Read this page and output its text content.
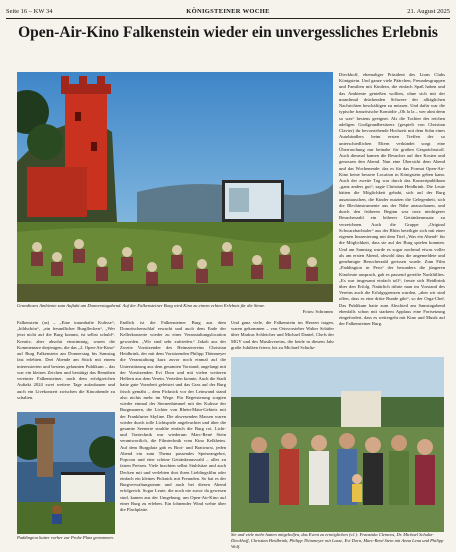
Seite 16 – KW 34	KÖNIGSTEINER WOCHE	21. August 2025
Open-Air-Kino Falkenstein wieder ein unvergessliches Erlebnis
Grandioses Ambiente zum Auftakt am Donnerstagabend. Auf der Falkensteiner Burg wird Kino zu einem echten Erlebnis für die Sinne.
Fotos: Schramm

Dieckhoff, ehemaliger Präsident des Lions Clubs Königstein. Und ganze viele Päärchen, Freundesgruppen und Familien mit Kindern, die einfach Spaß haben und das Ambiente genießen wollten, ohne sich mit der manchmal drückenden Schwere der alltäglichen Nachrichten beschäftigen zu müssen. Und dafür war die typische französische Komödie „Oh la la – wer ahnt denn so was“ bestens geeignet. Als die Tochter des reichen adeligen Großgrundbesitzers (gespielt von Christian Clavier) ihr bevorstehende Hochzeit mit dem Sohn eines Autohändlers beim ersten Treffen der so unterschiedlichen Eltern verkündet sorgt eine Überraschung nur beinahe für großen Gesprächsstoff. Auch diesmal kamen die Besucher auf ihre Kosten und genossen den Abend. Nun eine Übersicht dem Abend und das Wochenende: das es für das Format Open-Air-Kino keine bessere Location in Königstein geben kann. Auch der zweite Tag war durch das Konzertpublikum „ganz anders gut“, sagte Christian Heidbrink. Die Leute hätten die Möglichkeit gehabt, sich auf der Burg auszutauschen, die Kinder nutzten die Gelegenheit, sich die Blechinstrumente aus der Nähe anzuschauen, und durch den früheren Beginn war trotz niedrigerer Besucherzahl ein höherer Getränkeumsatz zu verzeichnen. Auch die Gruppe „Original Schwarzbachtaler“ aus der Rhön beteiligte sich mit einer eigenen Inszenierung mit dem Titel „Was ein Abend“ für die Möglichkeit, dass sie auf der Burg spielen konnten. Und am Samstag wurde es sogar nochmal etwas voller als am ersten Abend, obwohl dass die angemeldete und genehmigte Besucherzahl gerissen wurde. Zum Film „Paddington in Peru“ der besonders die jüngeren Kinoleute ansprach, gab es passend gereifte Nachfülltes. „Es war insgesamt einfach toll“, freute sich Heidbrink über den Erfolg. Natürlich rührte man im Vorstand des Vereins auch die Erfolgsgrenzen wurden, „aber wir sind offen, dass es eine dritte Runde gibt“, so der Orga-Chef. Das Publikum hatte zum Abschied am Samstagabend ebenfalls schon mit starkem Applaus eine Fortsetzung eingefordert, dass es weitergeht mit Kino und Musik auf der Falkensteiner Burg.

Falkenstein (as) – „Eine traumhafte Kulisse“, „bildschön“, „ein freundlicher Burgflecken“, „Wer jetzt nicht auf die Burg kommt, ist selbst schuld“. Kreativ, aber absolut einstimmig, waren die Kommentare derjenigen, die das „2. Open-Air-Kino“ auf Burg Falkenstein am Donnerstag bis Samstag fast erlebten. Drei Abende am Stück mit einem interessierten und bestens gelaunten Publikum – das war ein kleines Zeichen und bestätigt das Bemühen vereinter Falkensteiner, nach dem erfolgreichen Auftakt 2024 zwei weitere Tage aufzubauen und auch ein Livekonzert zwischen die Kinoabende zu schalten.

Endlich ist die Falkensteiner Burg aus dem Dornröschenschlaf erwacht und auch dem Ende der Kellerkonzerte wieder zu einer Veranstaltungslocation geworden. „Wir sind sehr zufrieden.“ Jakob aus der Zweite Vorsitzender des Heimatvereins Christian Heidbrink, der mit dem Vorsitzenden Philipp Thönmeyer die Veranstaltung kurz zuvor noch einmal auf die Unterstützung aus dem gesamten Vorstand, angelangt mit der Vorsitzenden Evi Dorn und mit vielen weiteren Helfern aus dem Verein. Verteilen konnte, Auch die Stadt hatte gute Vorarbeit geleistet und das Gras auf der Burg frisch gemäht – dem Picknick vor der Leinwand stand also nichts mehr im Wege. Für Begeisterung sorgten wieder einmal der Sternenhimmel mit der Kulisse der Burgmauern, die Lichter von Rhein-Main-Gebiets mit der Frankfurter Skyline. Die abwesenden Massen waren wieder durch tolle Lichtspiele angeleuchtet und über die gesamte Szenerie strahlte einfach die Burg rot. Licht- und Tontechnik war wiederum Marc-René Stein verantwortlich, die Filmtechnik vom Kino Kelkheim. Auf dem Burgplatz gab es Brot- und Bratwurst, jeden Abend ein zum Thema passendes Speiseangebot, Popcorn und eine schöne Getränkeauswahl – alles zu fairen Preisen. Viele brachten selbst Stuhlsitze und auch Decken mit und verlebten dort ihren Lieblingsfilm oder einfach ein kleines Picknick mit Freunden. So hat es der Burgverwaltungsteam und auch bei diesen Abend erfolgreich. Sogar Leute, die noch nie zuvor da gewesen sind, kamen aus der Umgebung, um Open-Air-Kino auf einer Burg zu erleben. Ein lohnender Wind wehte über die Flachplatte.

Und ganz viele, die Falkenstein im Herzen tragen, waren gekommen – von Ortsvorsteher Walter Schäfer über Markus Schleicher und Michael Daniel, Chefs der MGV und des Musikvereins, die beide in diesem Jahr große Jubiläen feiern, bis zu Michael Schultz-

Paddington hatter vorher zur Probe Platz genommen.
Sie und viele mehr hatten mitgeholfen, das Event zu ermöglichen (v.l.): Franziska Clemens, Dr. Michael Schultz-Dieckhoff, Christian Heidbrink, Philipp Thönmeyer mit Lasse, Evi Dorn, Marc-René Stein mit Anna Lena und Philipp Wolf.
